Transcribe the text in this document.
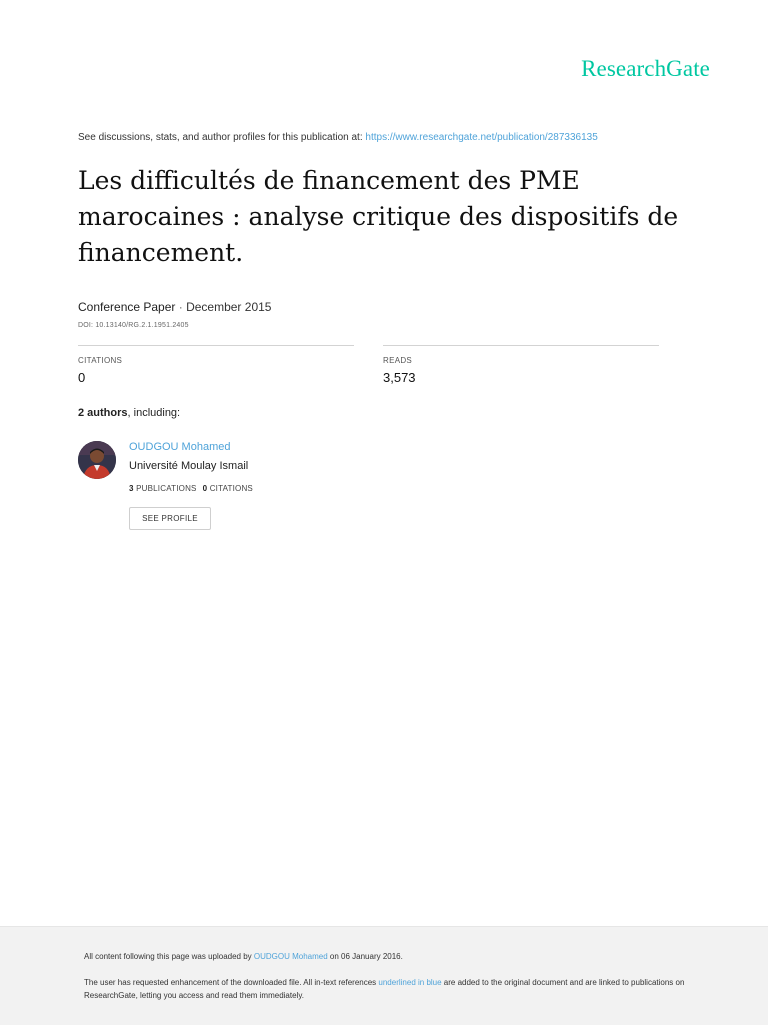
ResearchGate
See discussions, stats, and author profiles for this publication at: https://www.researchgate.net/publication/287336135
Les difficultés de financement des PME marocaines : analyse critique des dispositifs de financement.
Conference Paper · December 2015
DOI: 10.13140/RG.2.1.1951.2405
CITATIONS
0
READS
3,573
2 authors, including:
OUDGOU Mohamed
Université Moulay Ismail
3 PUBLICATIONS 0 CITATIONS
SEE PROFILE
All content following this page was uploaded by OUDGOU Mohamed on 06 January 2016.
The user has requested enhancement of the downloaded file. All in-text references underlined in blue are added to the original document and are linked to publications on ResearchGate, letting you access and read them immediately.
